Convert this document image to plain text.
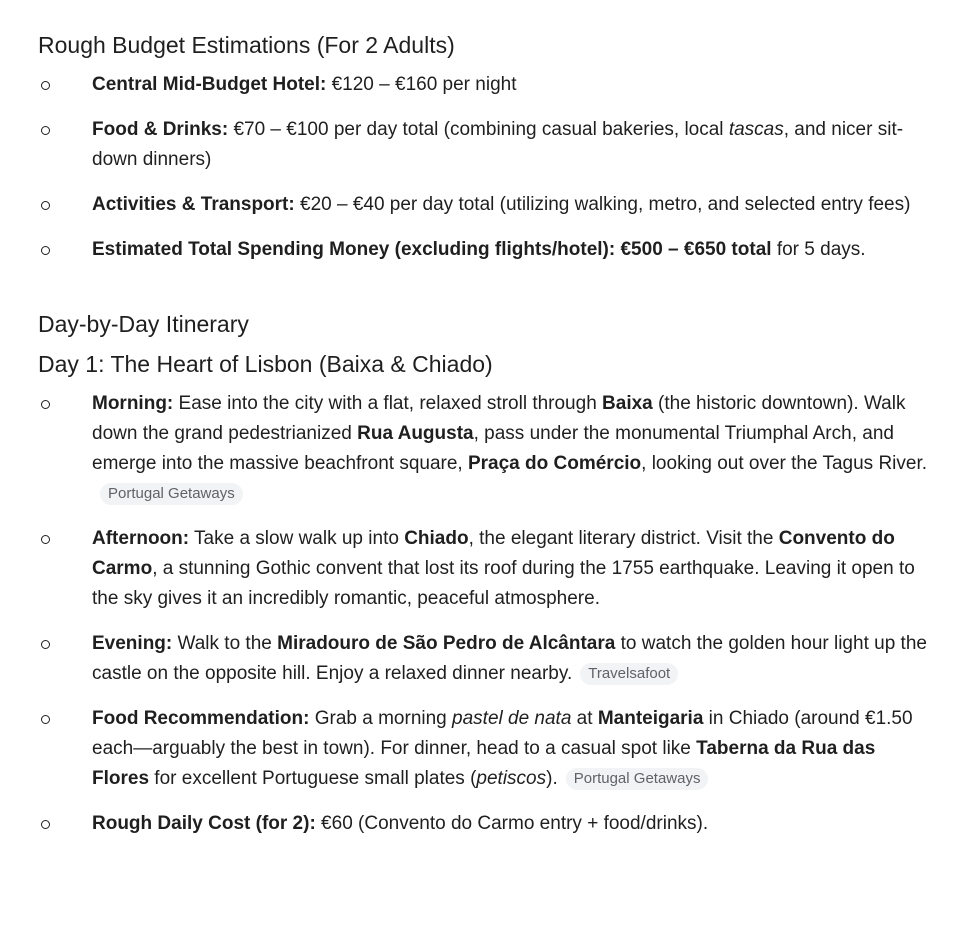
Rough Budget Estimations (For 2 Adults)
Central Mid-Budget Hotel: €120 – €160 per night
Food & Drinks: €70 – €100 per day total (combining casual bakeries, local tascas, and nicer sit-down dinners)
Activities & Transport: €20 – €40 per day total (utilizing walking, metro, and selected entry fees)
Estimated Total Spending Money (excluding flights/hotel): €500 – €650 total for 5 days.
Day-by-Day Itinerary
Day 1: The Heart of Lisbon (Baixa & Chiado)
Morning: Ease into the city with a flat, relaxed stroll through Baixa (the historic downtown). Walk down the grand pedestrianized Rua Augusta, pass under the monumental Triumphal Arch, and emerge into the massive beachfront square, Praça do Comércio, looking out over the Tagus River.Portugal Getaways
Afternoon: Take a slow walk up into Chiado, the elegant literary district. Visit the Convento do Carmo, a stunning Gothic convent that lost its roof during the 1755 earthquake. Leaving it open to the sky gives it an incredibly romantic, peaceful atmosphere.
Evening: Walk to the Miradouro de São Pedro de Alcântara to watch the golden hour light up the castle on the opposite hill. Enjoy a relaxed dinner nearby. Travelsafoot
Food Recommendation: Grab a morning pastel de nata at Manteigaria in Chiado (around €1.50 each—arguably the best in town). For dinner, head to a casual spot like Taberna da Rua das Flores for excellent Portuguese small plates (petiscos). Portugal Getaways
Rough Daily Cost (for 2): €60 (Convento do Carmo entry + food/drinks).
